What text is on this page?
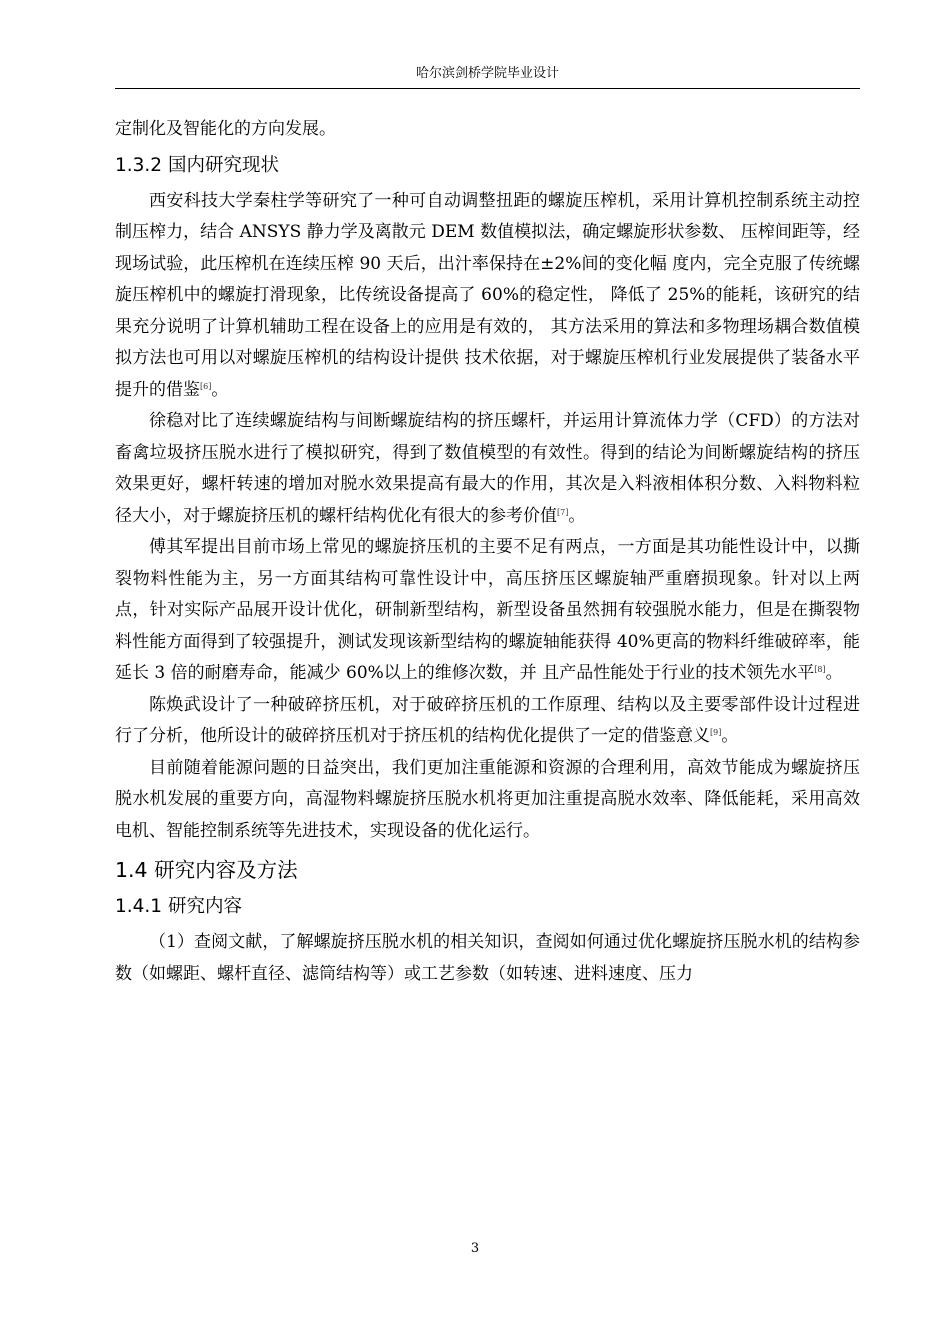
哈尔滨剑桥学院毕业设计

定制化及智能化的方向发展。

1.3.2 国内研究现状

西安科技大学秦柱学等研究了一种可自动调整扭距的螺旋压榨机，采用计算机控制系统主动控制压榨力，结合 ANSYS 静力学及离散元 DEM 数值模拟法，确定螺旋形状参数、 压榨间距等，经现场试验，此压榨机在连续压榨 90 天后，出汁率保持在±2%间的变化幅 度内，完全克服了传统螺旋压榨机中的螺旋打滑现象，比传统设备提高了 60%的稳定性， 降低了 25%的能耗，该研究的结果充分说明了计算机辅助工程在设备上的应用是有效的， 其方法采用的算法和多物理场耦合数值模拟方法也可用以对螺旋压榨机的结构设计提供 技术依据，对于螺旋压榨机行业发展提供了装备水平提升的借鉴[6]。

徐稳对比了连续螺旋结构与间断螺旋结构的挤压螺杆，并运用计算流体力学（CFD）的方法对畜禽垃圾挤压脱水进行了模拟研究，得到了数值模型的有效性。得到的结论为间断螺旋结构的挤压效果更好，螺杆转速的增加对脱水效果提高有最大的作用，其次是入料液相体积分数、入料物料粒径大小，对于螺旋挤压机的螺杆结构优化有很大的参考价值[7]。

傅其军提出目前市场上常见的螺旋挤压机的主要不足有两点，一方面是其功能性设计中，以撕裂物料性能为主，另一方面其结构可靠性设计中，高压挤压区螺旋轴严重磨损现象。针对以上两点，针对实际产品展开设计优化，研制新型结构，新型设备虽然拥有较强脱水能力，但是在撕裂物料性能方面得到了较强提升，测试发现该新型结构的螺旋轴能获得 40%更高的物料纤维破碎率，能延长 3 倍的耐磨寿命，能减少 60%以上的维修次数，并 且产品性能处于行业的技术领先水平[8]。

陈焕武设计了一种破碎挤压机，对于破碎挤压机的工作原理、结构以及主要零部件设计过程进行了分析，他所设计的破碎挤压机对于挤压机的结构优化提供了一定的借鉴意义[9]。

目前随着能源问题的日益突出，我们更加注重能源和资源的合理利用，高效节能成为螺旋挤压脱水机发展的重要方向，高湿物料螺旋挤压脱水机将更加注重提高脱水效率、降低能耗，采用高效电机、智能控制系统等先进技术，实现设备的优化运行。

1.4 研究内容及方法
1.4.1 研究内容

（1）查阅文献，了解螺旋挤压脱水机的相关知识，查阅如何通过优化螺旋挤压脱水机的结构参数（如螺距、螺杆直径、滤筒结构等）或工艺参数（如转速、进料速度、压力

3
